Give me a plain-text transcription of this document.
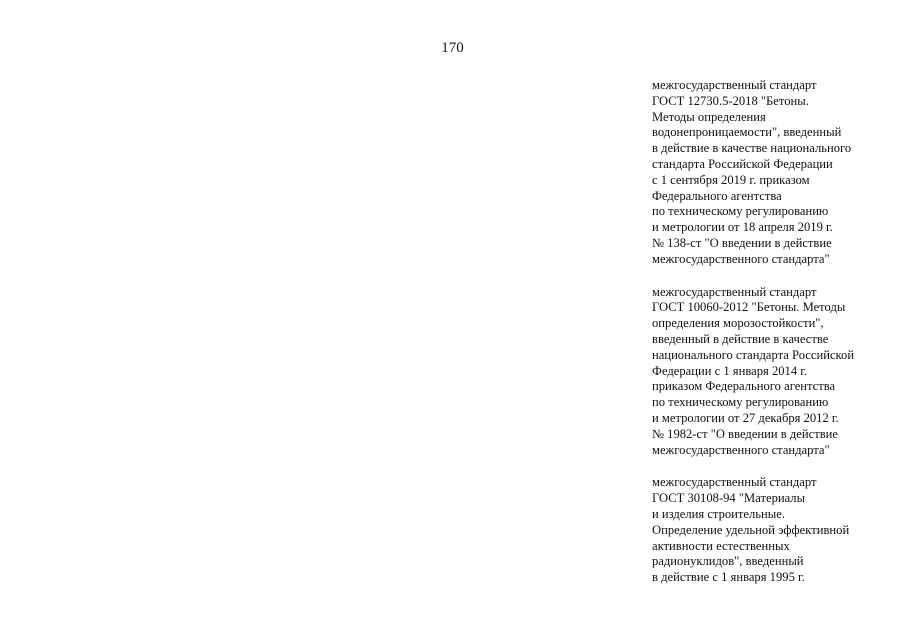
170
межгосударственный стандарт
ГОСТ 12730.5-2018 "Бетоны.
Методы определения
водонепроницаемости", введенный
в действие в качестве национального
стандарта Российской Федерации
с 1 сентября 2019 г. приказом
Федерального агентства
по техническому регулированию
и метрологии от 18 апреля 2019 г.
№ 138-ст "О введении в действие
межгосударственного стандарта"
межгосударственный стандарт
ГОСТ 10060-2012 "Бетоны. Методы
определения морозостойкости",
введенный в действие в качестве
национального стандарта Российской
Федерации с 1 января 2014 г.
приказом Федерального агентства
по техническому регулированию
и метрологии от 27 декабря 2012 г.
№ 1982-ст "О введении в действие
межгосударственного стандарта"
межгосударственный стандарт
ГОСТ 30108-94 "Материалы
и изделия строительные.
Определение удельной эффективной
активности естественных
радионуклидов", введенный
в действие с 1 января 1995 г.
